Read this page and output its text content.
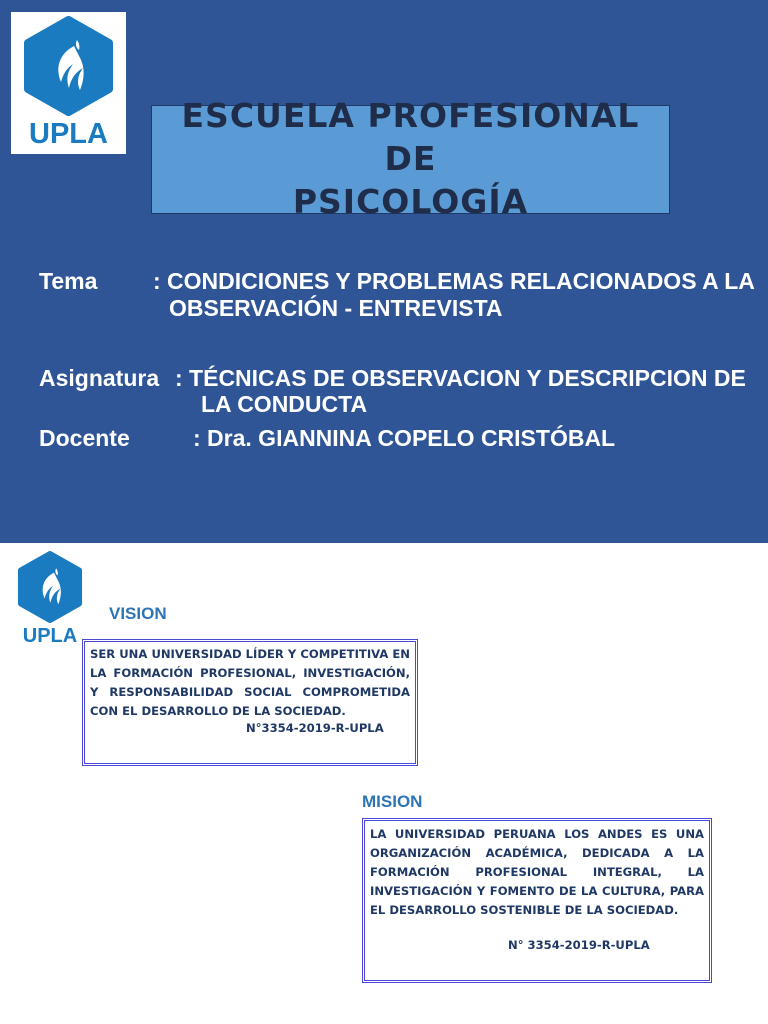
UPLA	ESCUELA PROFESIONAL DE
PSICOLOGÍA
Tema : CONDICIONES Y PROBLEMAS RELACIONADOS A LA
OBSERVACIÓN - ENTREVISTA
Asignatura : TÉCNICAS DE OBSERVACION Y DESCRIPCION DE
LA CONDUCTA
Docente	: Dra. GIANNINA COPELO CRISTÓBAL
UPLA
VISION

SER UNA UNIVERSIDAD LÍDER Y COMPETITIVA EN

LA FORMACIÓN PROFESIONAL, INVESTIGACIÓN,

Y RESPONSABILIDAD SOCIAL COMPROMETIDA

CON EL DESARROLLO DE LA SOCIEDAD.

N°3354-2019-R-UPLA
MISION

LA UNIVERSIDAD PERUANA LOS ANDES ES UNA

ORGANIZACIÓN ACADÉMICA, DEDICADA A LA

FORMACIÓN PROFESIONAL INTEGRAL, LA

INVESTIGACIÓN Y FOMENTO DE LA CULTURA, PARA

EL DESARROLLO SOSTENIBLE DE LA SOCIEDAD.

N° 3354-2019-R-UPLA
